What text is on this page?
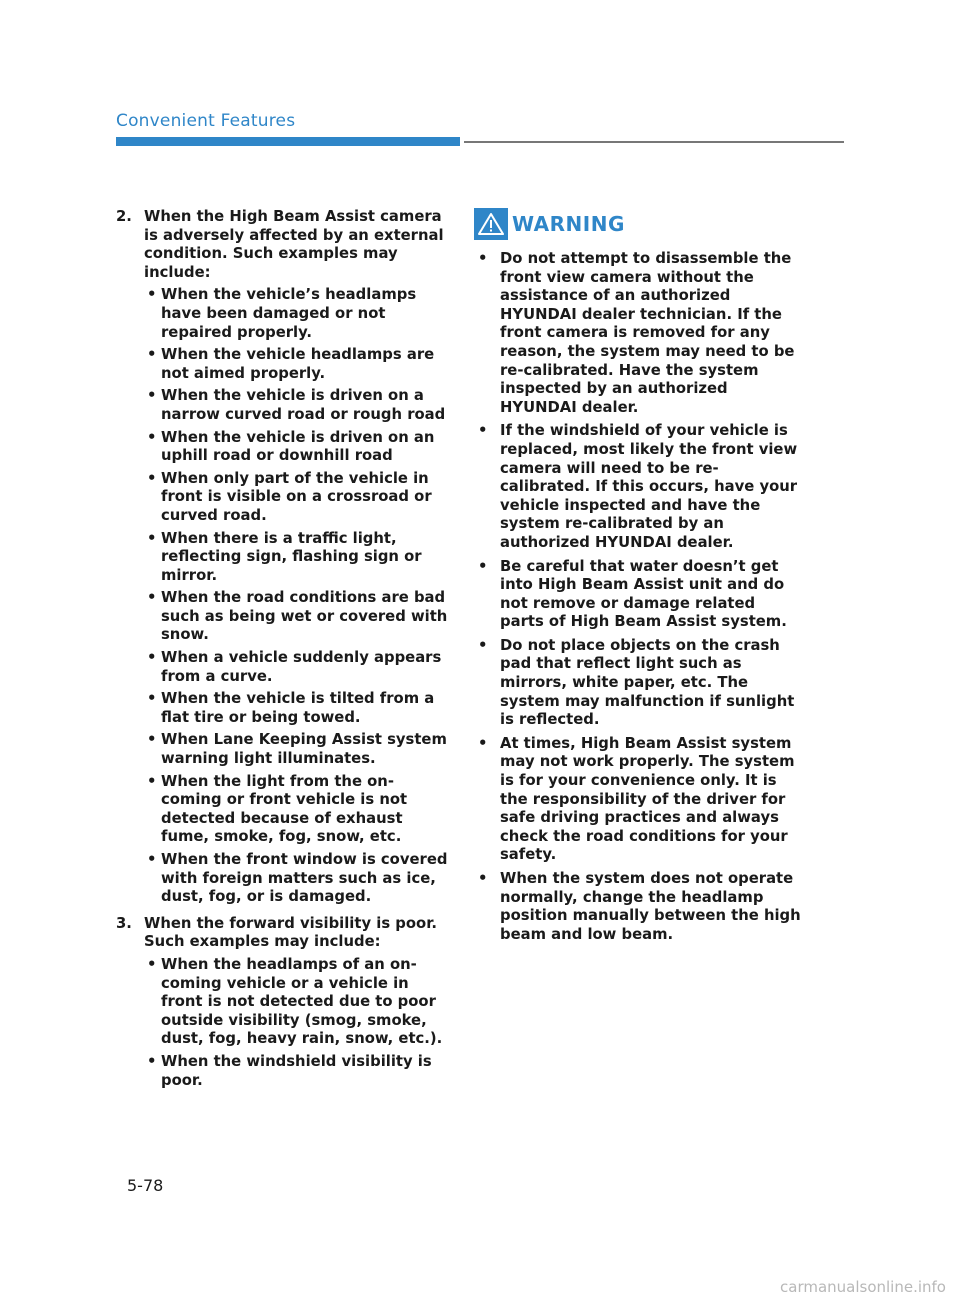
Convenient Features
2. When the High Beam Assist camera is adversely affected by an external condition. Such examples may include:
• When the vehicle’s headlamps have been damaged or not repaired properly.
• When the vehicle headlamps are not aimed properly.
• When the vehicle is driven on a narrow curved road or rough road
• When the vehicle is driven on an uphill road or downhill road
• When only part of the vehicle in front is visible on a crossroad or curved road.
• When there is a traffic light, reflecting sign, flashing sign or mirror.
• When the road conditions are bad such as being wet or covered with snow.
• When a vehicle suddenly appears from a curve.
• When the vehicle is tilted from a flat tire or being towed.
• When Lane Keeping Assist system warning light illuminates.
• When the light from the on-coming or front vehicle is not detected because of exhaust fume, smoke, fog, snow, etc.
• When the front window is covered with foreign matters such as ice, dust, fog, or is damaged.
3. When the forward visibility is poor. Such examples may include:
• When the headlamps of an on-coming vehicle or a vehicle in front is not detected due to poor outside visibility (smog, smoke, dust, fog, heavy rain, snow, etc.).
• When the windshield visibility is poor.
WARNING
• Do not attempt to disassemble the front view camera without the assistance of an authorized HYUNDAI dealer technician. If the front camera is removed for any reason, the system may need to be re-calibrated. Have the system inspected by an authorized HYUNDAI dealer.
• If the windshield of your vehicle is replaced, most likely the front view camera will need to be re-calibrated. If this occurs, have your vehicle inspected and have the system re-calibrated by an authorized HYUNDAI dealer.
• Be careful that water doesn’t get into High Beam Assist unit and do not remove or damage related parts of High Beam Assist system.
• Do not place objects on the crash pad that reflect light such as mirrors, white paper, etc. The system may malfunction if sunlight is reflected.
• At times, High Beam Assist system may not work properly. The system is for your convenience only. It is the responsibility of the driver for safe driving practices and always check the road conditions for your safety.
• When the system does not operate normally, change the headlamp position manually between the high beam and low beam.
5-78
carmanualsonline.info
